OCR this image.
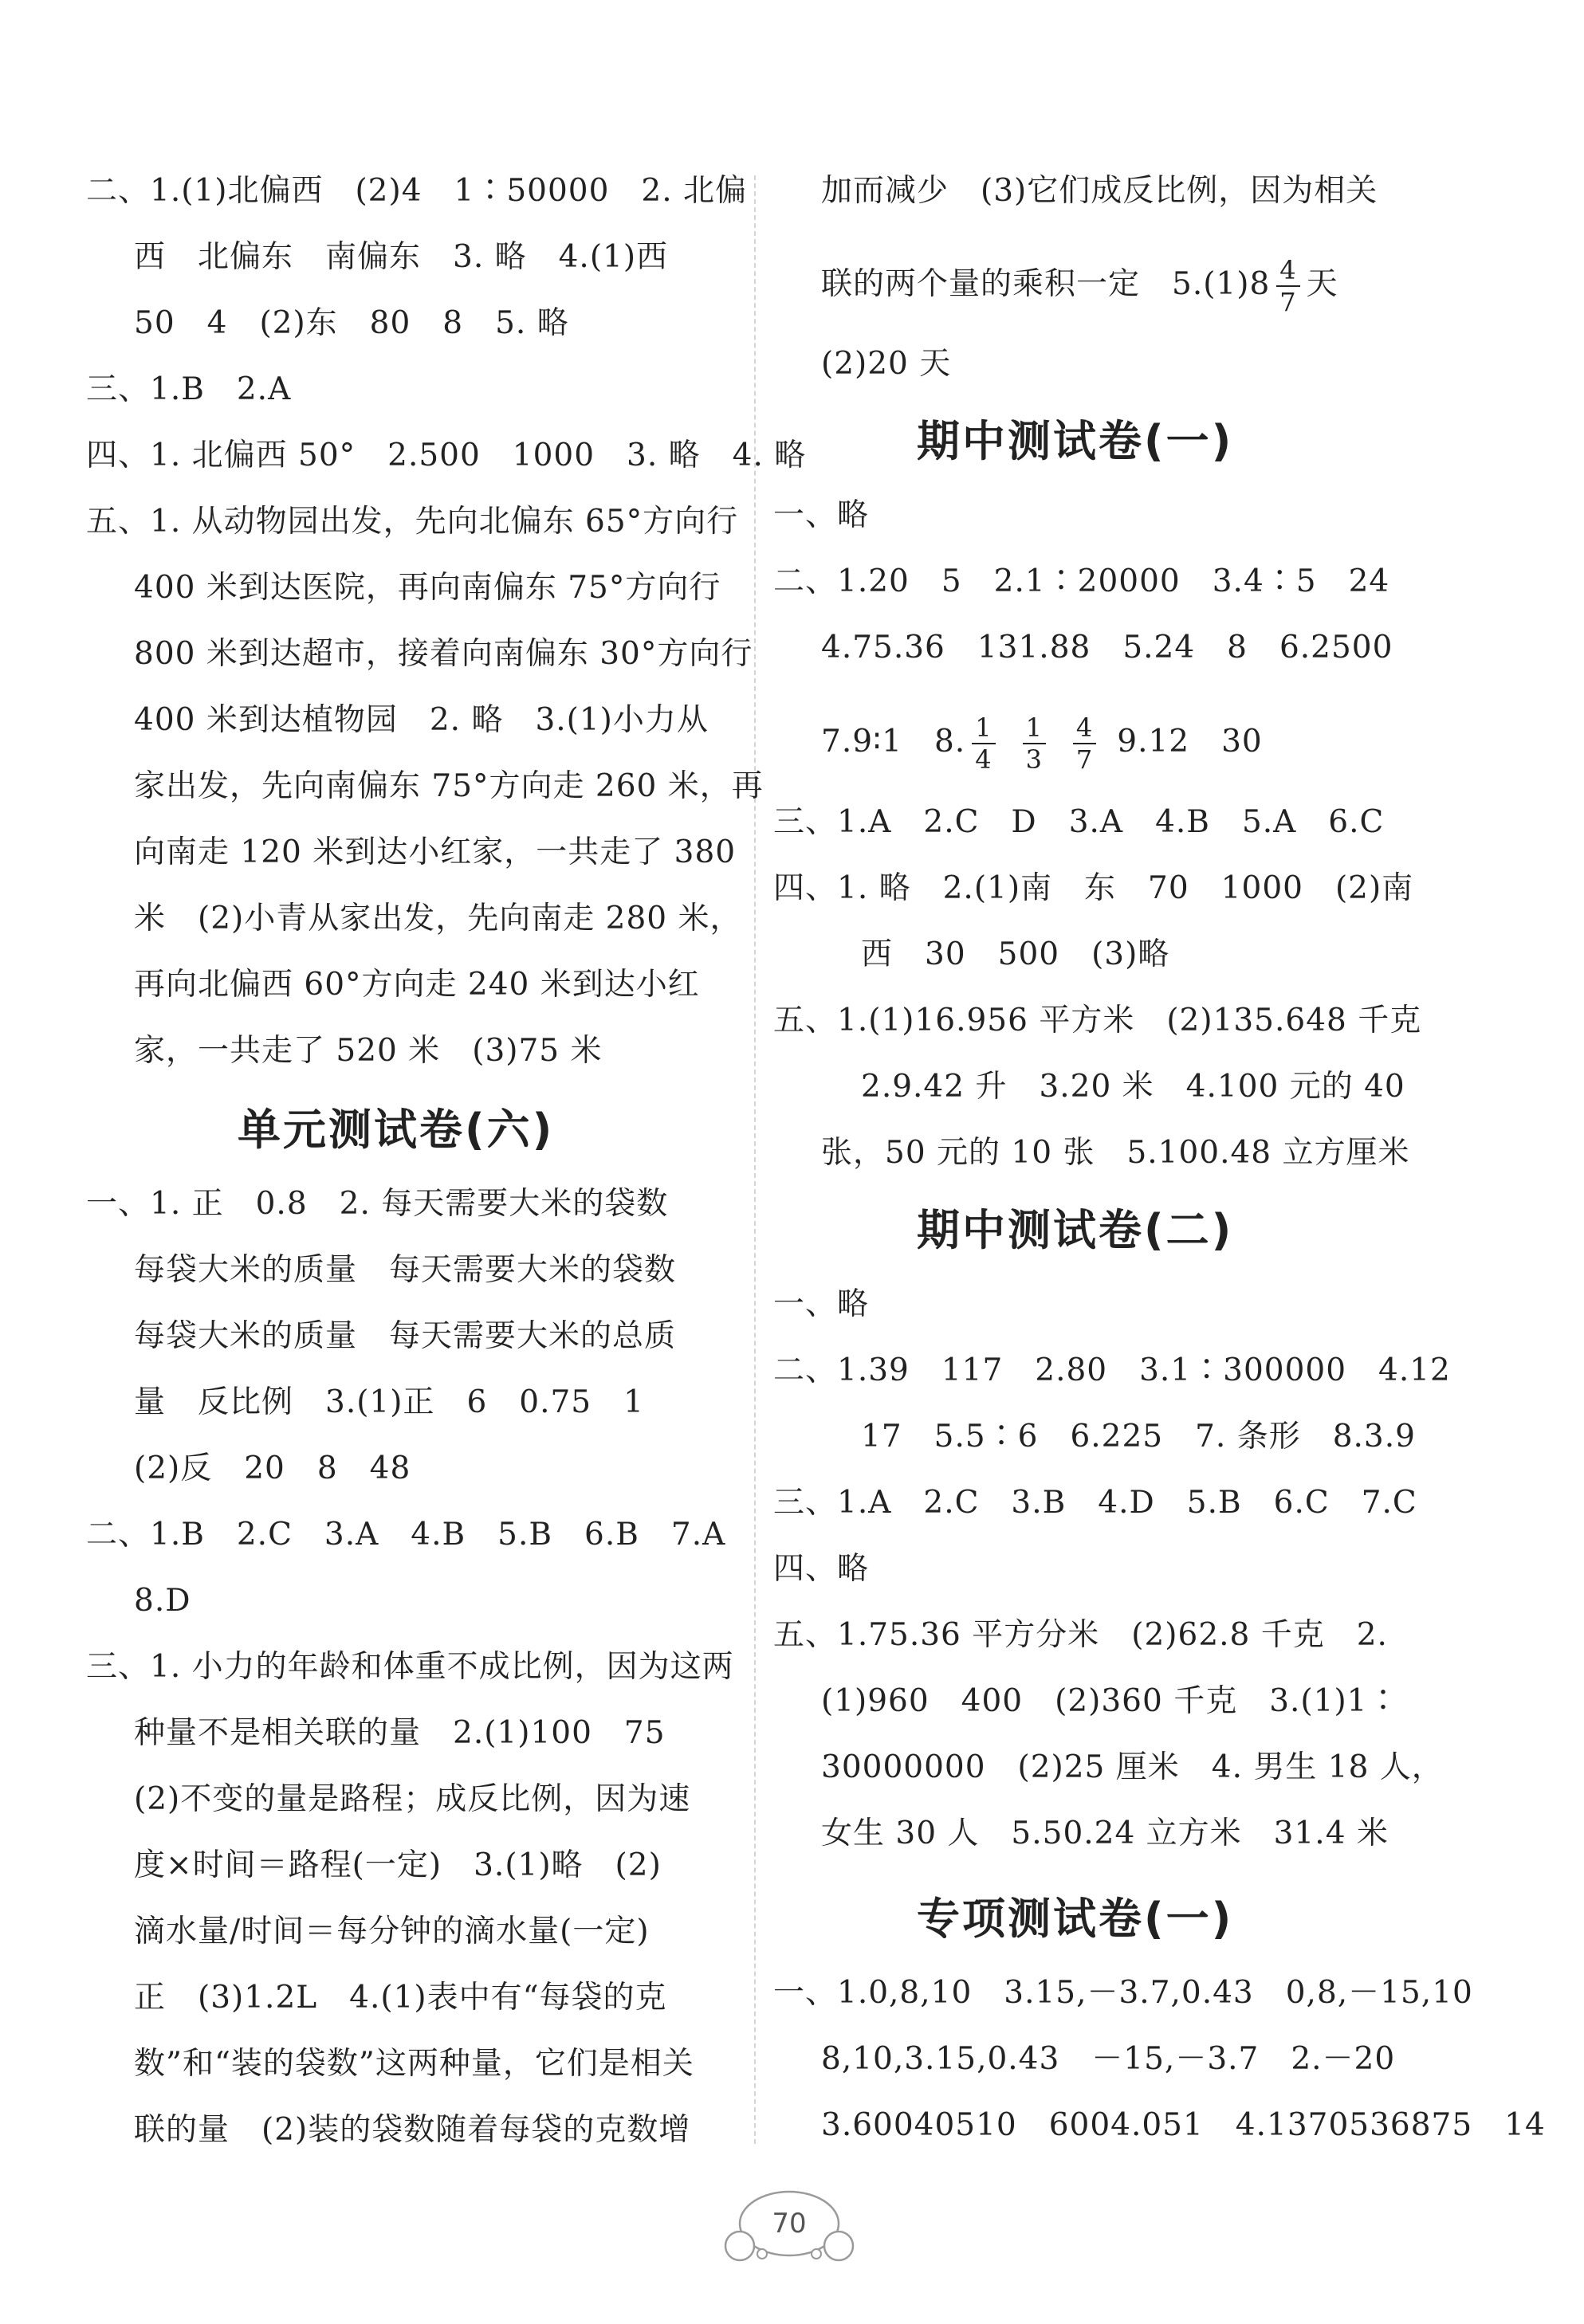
二、1.(1)北偏西　(2)4　1∶50000　2. 北偏
西　北偏东　南偏东　3. 略　4.(1)西
50　4　(2)东　80　8　5. 略
三、1.B　2.A
四、1. 北偏西 50°　2.500　1000　3. 略　4. 略
五、1. 从动物园出发，先向北偏东 65°方向行
400 米到达医院，再向南偏东 75°方向行
800 米到达超市，接着向南偏东 30°方向行
400 米到达植物园　2. 略　3.(1)小力从
家出发，先向南偏东 75°方向走 260 米，再
向南走 120 米到达小红家，一共走了 380
米　(2)小青从家出发，先向南走 280 米，
再向北偏西 60°方向走 240 米到达小红
家，一共走了 520 米　(3)75 米
单元测试卷(六)
一、1. 正　0.8　2. 每天需要大米的袋数
每袋大米的质量　每天需要大米的袋数
每袋大米的质量　每天需要大米的总质
量　反比例　3.(1)正　6　0.75　1
(2)反　20　8　48
二、1.B　2.C　3.A　4.B　5.B　6.B　7.A
8.D
三、1. 小力的年龄和体重不成比例，因为这两
种量不是相关联的量　2.(1)100　75
(2)不变的量是路程；成反比例，因为速
度×时间＝路程(一定)　3.(1)略　(2)
滴水量/时间＝每分钟的滴水量(一定)
正　(3)1.2L　4.(1)表中有“每袋的克
数”和“装的袋数”这两种量，它们是相关
联的量　(2)装的袋数随着每袋的克数增
加而减少　(3)它们成反比例，因为相关
联的两个量的乘积一定　$5.(1)8 \frac{4}{7}$ 天
(2)20 天
期中测试卷(一)
一、略
二、1.20　5　2.1∶20000　3.4∶5　24
4.75.36　131.88　5.24　8　6.2500
7.9∶1　8. $\frac{1}{4} \frac{1}{3} \frac{4}{7} 9.12$　30
三、1.A　2.C　D　3.A　4.B　5.A　6.C
四、1. 略　2.(1)南　东　70　1000　(2)南
西　30　500　(3)略
五、1.(1)16.956 平方米　(2)135.648 千克
2.9.42 升　3.20 米　4.100 元的 40
张，50 元的 10 张　5.100.48 立方厘米
期中测试卷(二)
一、略
二、1.39　117　2.80　3.1∶300000　4.12
17　5.5∶6　6.225　7. 条形　8.3.9
三、1.A　2.C　3.B　4.D　5.B　6.C　7.C
四、略
五、1.75.36 平方分米　(2)62.8 千克　2.
(1)960　400　(2)360 千克　3.(1)1∶
30000000　(2)25 厘米　4. 男生 18 人，
女生 30 人　5.50.24 立方米　31.4 米
专项测试卷(一)
一、1.0,8,10　3.15,－3.7,0.43　0,8,－15,10
8,10,3.15,0.43　－15,－3.7　2.－20
3.60040510　6004.051　4.1370536875　14
70
